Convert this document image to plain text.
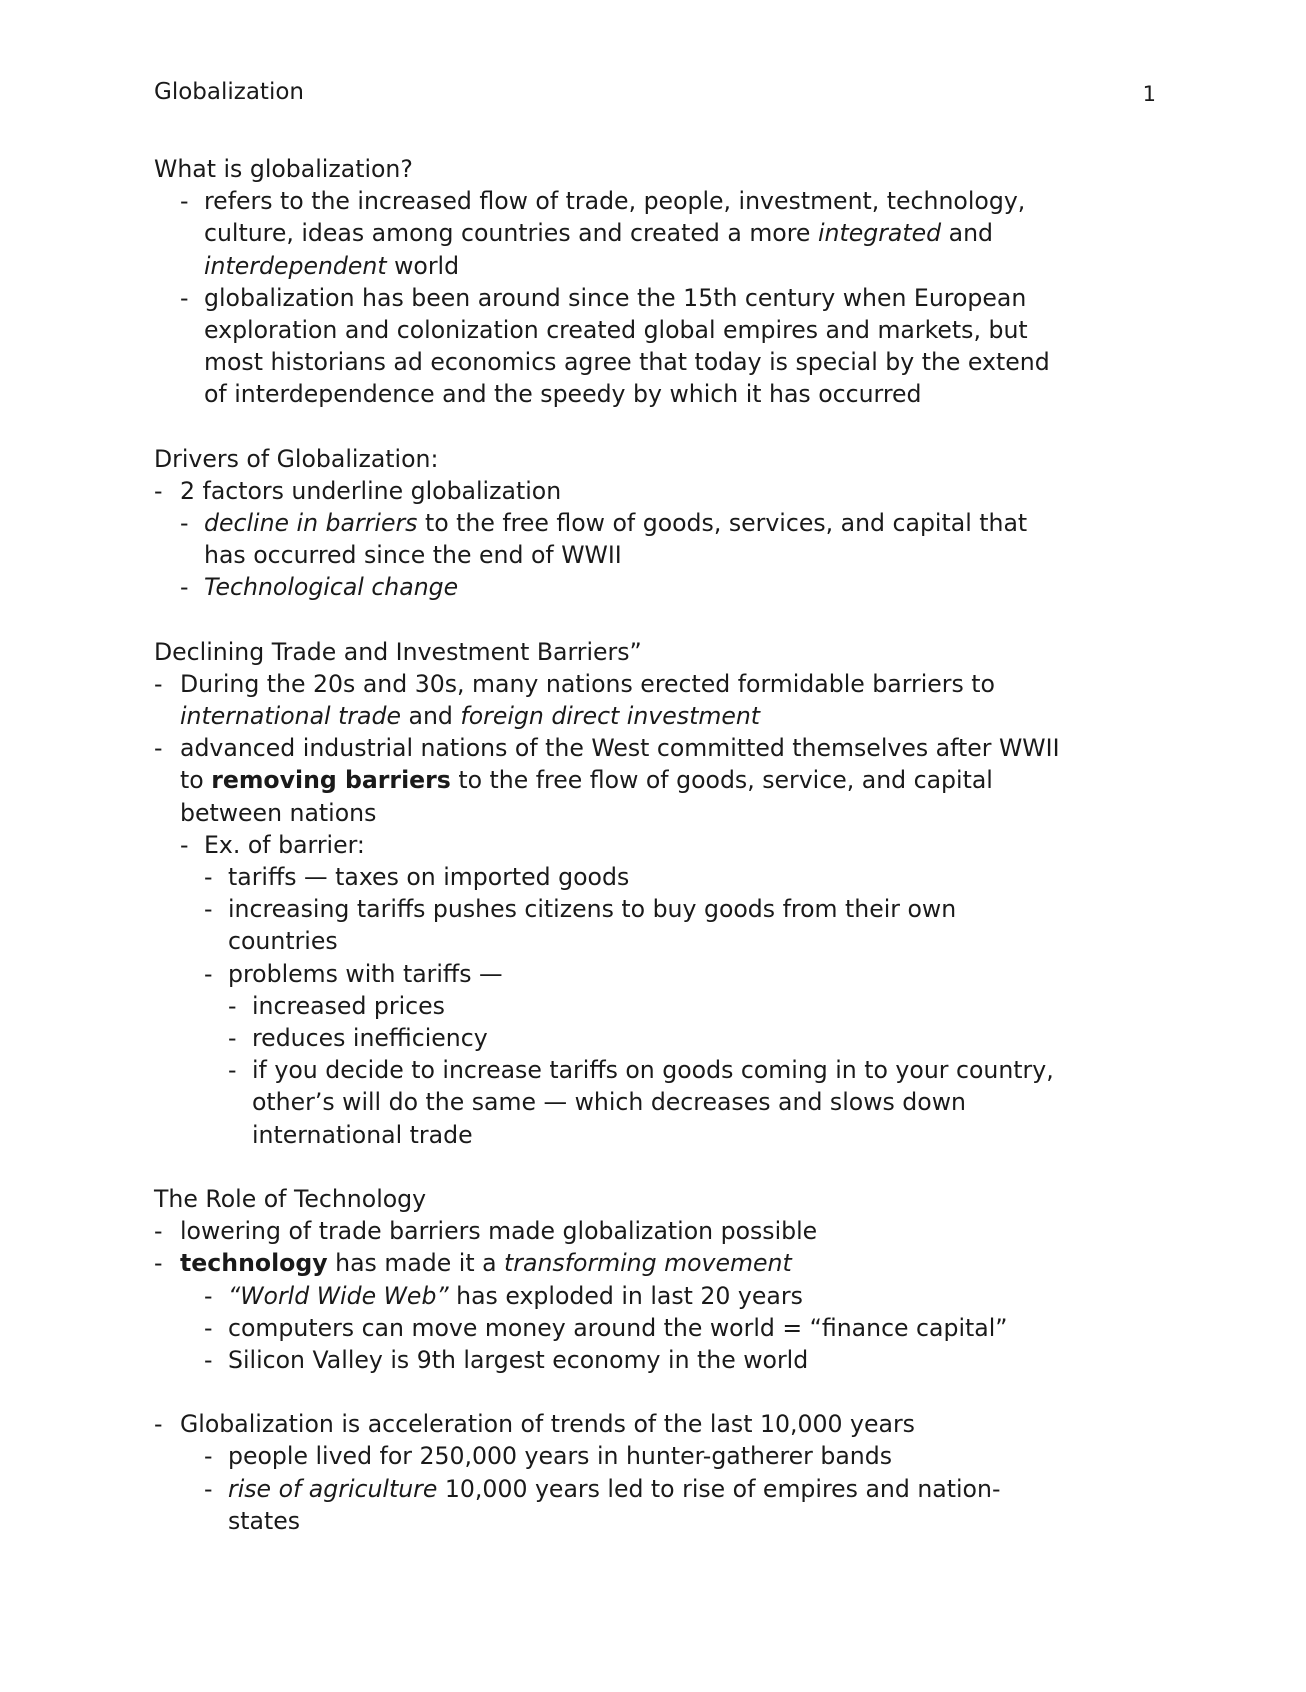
Globalization	1
What is globalization?
- refers to the increased flow of trade, people, investment, technology,
culture, ideas among countries and created a more integrated and
interdependent world
- globalization has been around since the 15th century when European
exploration and colonization created global empires and markets, but
most historians ad economics agree that today is special by the extend
of interdependence and the speedy by which it has occurred
Drivers of Globalization:
- 2 factors underline globalization
- decline in barriers to the free flow of goods, services, and capital that
has occurred since the end of WWII
- Technological change
Declining Trade and Investment Barriers”
- During the 20s and 30s, many nations erected formidable barriers to
international trade and foreign direct investment
- advanced industrial nations of the West committed themselves after WWII
to removing barriers to the free flow of goods, service, and capital
between nations
- Ex. of barrier:
- tariffs — taxes on imported goods
- increasing tariffs pushes citizens to buy goods from their own
countries
- problems with tariffs —
- increased prices
- reduces inefficiency
- if you decide to increase tariffs on goods coming in to your country,
other’s will do the same — which decreases and slows down
international trade
The Role of Technology
- lowering of trade barriers made globalization possible
- technology has made it a transforming movement
- “World Wide Web” has exploded in last 20 years
- computers can move money around the world = “finance capital”
- Silicon Valley is 9th largest economy in the world
- Globalization is acceleration of trends of the last 10,000 years
- people lived for 250,000 years in hunter-gatherer bands
- rise of agriculture 10,000 years led to rise of empires and nation-
states
